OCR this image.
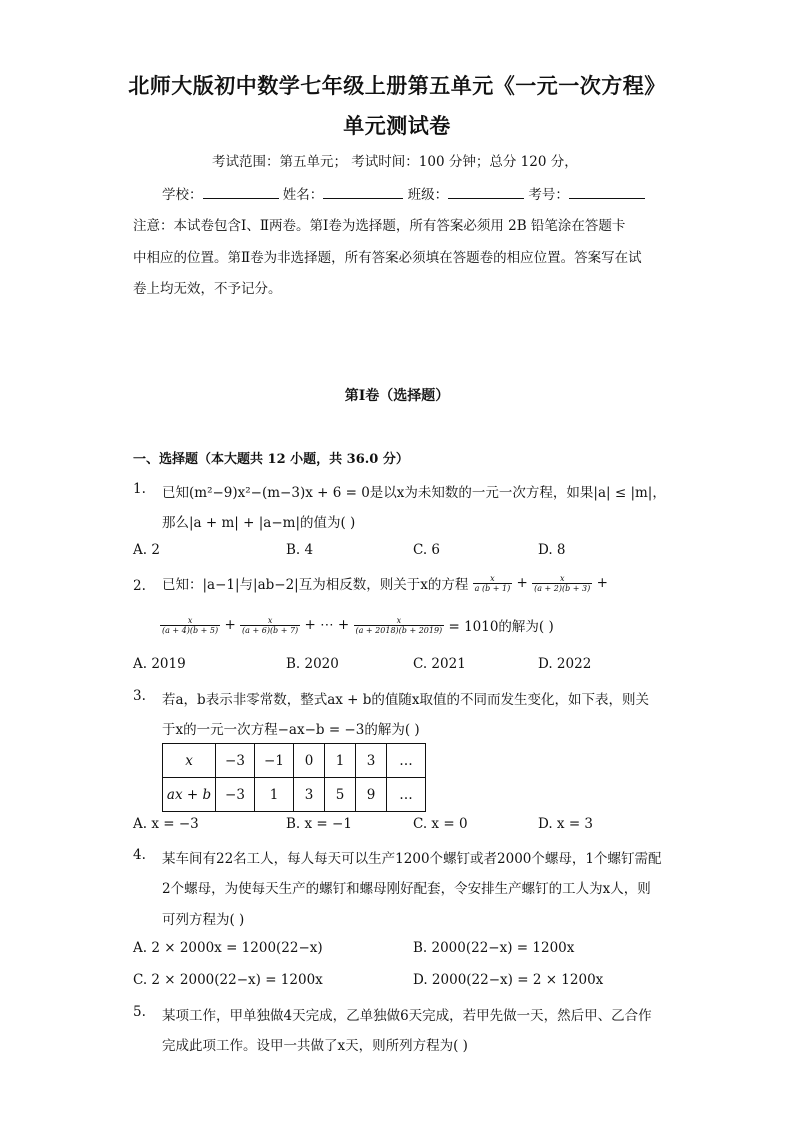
北师大版初中数学七年级上册第五单元《一元一次方程》
单元测试卷
考试范围：第五单元； 考试时间：100 分钟；总分 120 分，
学校：	姓名：	班级：	考号：
注意：本试卷包含Ⅰ、Ⅱ两卷。第Ⅰ卷为选择题，所有答案必须用 2B 铅笔涂在答题卡
中相应的位置。第Ⅱ卷为非选择题，所有答案必须填在答题卷的相应位置。答案写在试
卷上均无效，不予记分。
第Ⅰ卷（选择题）
一、选择题（本大题共 12 小题，共 36.0 分）
1. 已知(m²−9)x²−(m−3)x + 6 = 0是以x为未知数的一元一次方程，如果|a| ≤ |m|，
那么|a + m| + |a−m|的值为( )
A. 2	B. 4	C. 6	D. 8
2. 已知：|a−1|与|ab−2|互为相反数，则关于x的方程 $\frac{x}{a (b + 1)} + \frac{x}{(a + 2)(b + 3)}$ +
$\frac{x}{(a + 4)(b + 5)} + \frac{x}{(a + 6)(b + 7)}$ + ⋯ + $\frac{x}{(a + 2018)(b + 2019)} = 1010$的解为( )
A. 2019	B. 2020	C. 2021	D. 2022
3. 若a，b表示非零常数，整式ax + b的值随x取值的不同而发生变化，如下表，则关
于x的一元一次方程−ax−b = −3的解为( )
x	−3	−1	0	1	3	…
ax + b	−3	1	3	5	9	…
A. x = −3	B. x = −1	C. x = 0	D. x = 3
4. 某车间有22名工人，每人每天可以生产1200个螺钉或者2000个螺母，1个螺钉需配
2个螺母，为使每天生产的螺钉和螺母刚好配套，令安排生产螺钉的工人为x人，则
可列方程为( )
A. 2 × 2000x = 1200(22−x)	B. 2000(22−x) = 1200x
C. 2 × 2000(22−x) = 1200x	D. 2000(22−x) = 2 × 1200x
5. 某项工作，甲单独做4天完成，乙单独做6天完成，若甲先做一天，然后甲、乙合作
完成此项工作。设甲一共做了x天，则所列方程为( )
